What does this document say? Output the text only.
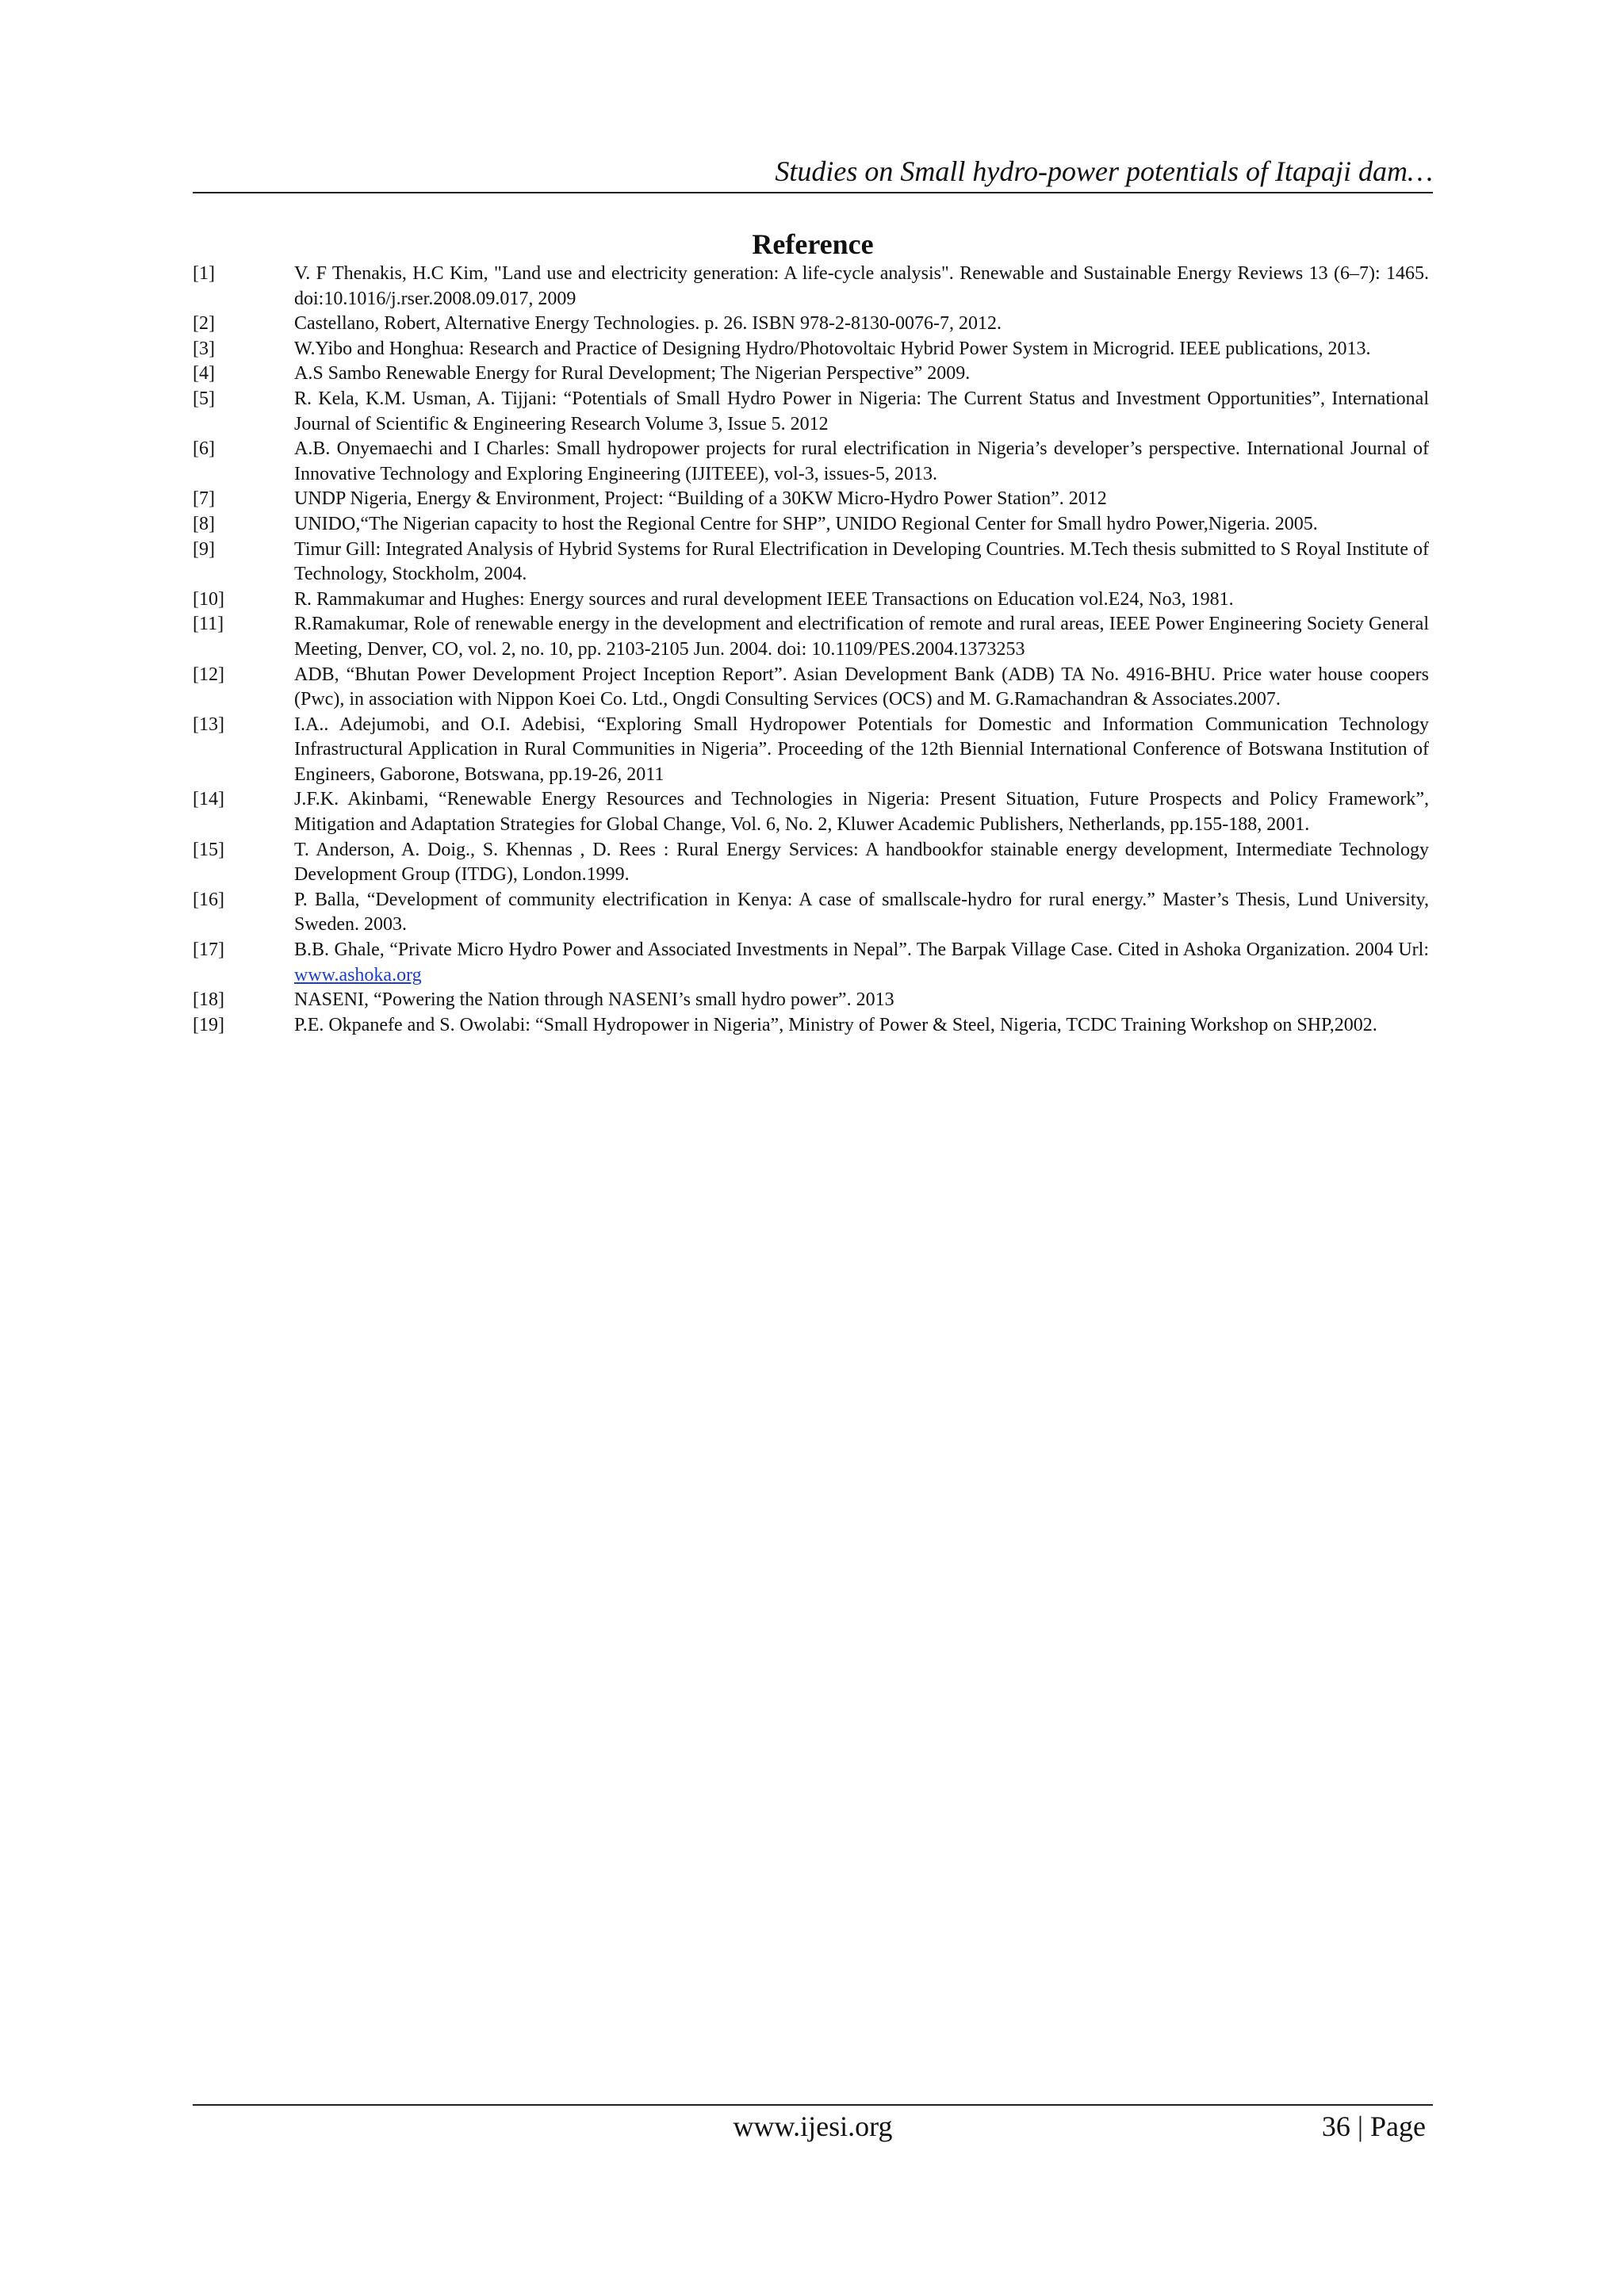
Studies on Small hydro-power potentials of Itapaji dam…
Reference
[1]	V. F Thenakis, H.C Kim, "Land use and electricity generation: A life-cycle analysis". Renewable and Sustainable Energy Reviews 13 (6–7): 1465. doi:10.1016/j.rser.2008.09.017, 2009
[2]	Castellano, Robert, Alternative Energy Technologies. p. 26. ISBN 978-2-8130-0076-7, 2012.
[3]	W.Yibo and Honghua: Research and Practice of Designing Hydro/Photovoltaic Hybrid Power System in Microgrid. IEEE publications, 2013.
[4]	A.S Sambo Renewable Energy for Rural Development; The Nigerian Perspective” 2009.
[5]	R. Kela, K.M. Usman, A. Tijjani: “Potentials of Small Hydro Power in Nigeria: The Current Status and Investment Opportunities”, International Journal of Scientific & Engineering Research Volume 3, Issue 5. 2012
[6]	A.B. Onyemaechi and I Charles: Small hydropower projects for rural electrification in Nigeria’s developer’s perspective. International Journal of Innovative Technology and Exploring Engineering (IJITEEE), vol-3, issues-5, 2013.
[7]	UNDP Nigeria, Energy & Environment, Project: “Building of a 30KW Micro-Hydro Power Station”. 2012
[8]	UNIDO,“The Nigerian capacity to host the Regional Centre for SHP”, UNIDO Regional Center for Small hydro Power,Nigeria. 2005.
[9]	Timur Gill: Integrated Analysis of Hybrid Systems for Rural Electrification in Developing Countries. M.Tech thesis submitted to S Royal Institute of Technology, Stockholm, 2004.
[10]	R. Rammakumar and Hughes: Energy sources and rural development IEEE Transactions on Education vol.E24, No3, 1981.
[11]	R.Ramakumar, Role of renewable energy in the development and electrification of remote and rural areas, IEEE Power Engineering Society General Meeting, Denver, CO, vol. 2, no. 10, pp. 2103-2105 Jun. 2004. doi: 10.1109/PES.2004.1373253
[12]	ADB, “Bhutan Power Development Project Inception Report”. Asian Development Bank (ADB) TA No. 4916-BHU. Price water house coopers (Pwc), in association with Nippon Koei Co. Ltd., Ongdi Consulting Services (OCS) and M. G.Ramachandran & Associates.2007.
[13]	I.A.. Adejumobi, and O.I. Adebisi, “Exploring Small Hydropower Potentials for Domestic and Information Communication Technology Infrastructural Application in Rural Communities in Nigeria”. Proceeding of the 12th Biennial International Conference of Botswana Institution of Engineers, Gaborone, Botswana, pp.19-26, 2011
[14]	J.F.K. Akinbami, “Renewable Energy Resources and Technologies in Nigeria: Present Situation, Future Prospects and Policy Framework”, Mitigation and Adaptation Strategies for Global Change, Vol. 6, No. 2, Kluwer Academic Publishers, Netherlands, pp.155-188, 2001.
[15]	T. Anderson, A. Doig., S. Khennas , D. Rees : Rural Energy Services: A handbookfor stainable energy development, Intermediate Technology Development Group (ITDG), London.1999.
[16]	P. Balla, “Development of community electrification in Kenya: A case of smallscale-hydro for rural energy.” Master’s Thesis, Lund University, Sweden. 2003.
[17]	B.B. Ghale, “Private Micro Hydro Power and Associated Investments in Nepal”. The Barpak Village Case. Cited in Ashoka Organization. 2004 Url: www.ashoka.org
[18]	NASENI, “Powering the Nation through NASENI’s small hydro power”. 2013
[19]	P.E. Okpanefe and S. Owolabi: “Small Hydropower in Nigeria”, Ministry of Power & Steel, Nigeria, TCDC Training Workshop on SHP,2002.
www.ijesi.org	36 | Page
